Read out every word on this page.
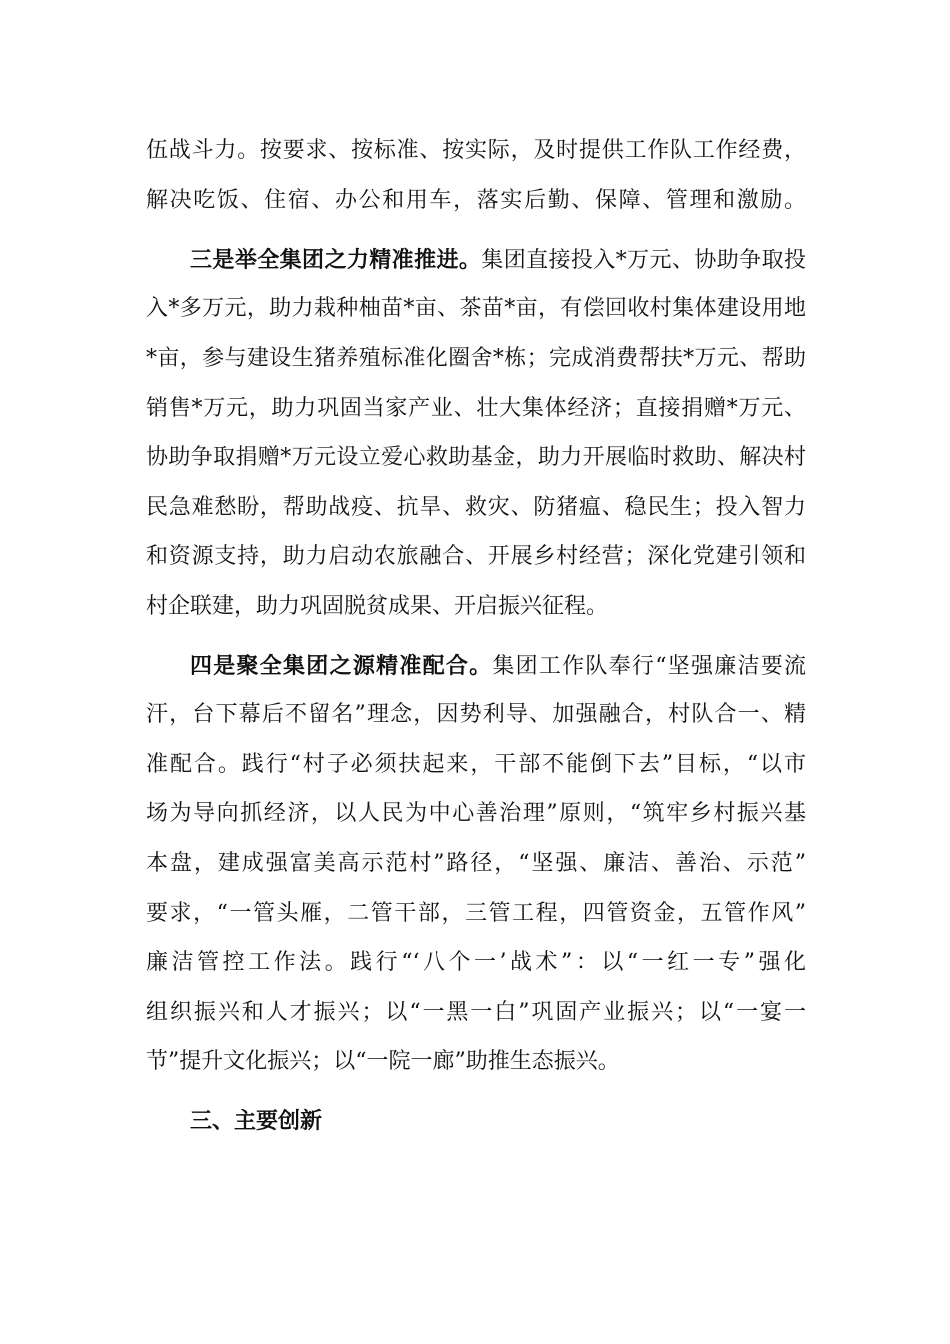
伍战斗力。按要求、按标准、按实际，及时提供工作队工作经费，
解决吃饭、住宿、办公和用车，落实后勤、保障、管理和激励。
三是举全集团之力精准推进。集团直接投入*万元、协助争取投
入*多万元，助力栽种柚苗*亩、茶苗*亩，有偿回收村集体建设用地
*亩，参与建设生猪养殖标准化圈舍*栋；完成消费帮扶*万元、帮助
销售*万元，助力巩固当家产业、壮大集体经济；直接捐赠*万元、
协助争取捐赠*万元设立爱心救助基金，助力开展临时救助、解决村
民急难愁盼，帮助战疫、抗旱、救灾、防猪瘟、稳民生；投入智力
和资源支持，助力启动农旅融合、开展乡村经营；深化党建引领和
村企联建，助力巩固脱贫成果、开启振兴征程。
四是聚全集团之源精准配合。集团工作队奉行“坚强廉洁要流
汗，台下幕后不留名”理念，因势利导、加强融合，村队合一、精
准配合。践行“村子必须扶起来，干部不能倒下去”目标，“以市
场为导向抓经济，以人民为中心善治理”原则，“筑牢乡村振兴基
本盘，建成强富美高示范村”路径，“坚强、廉洁、善治、示范”
要求，“一管头雁，二管干部，三管工程，四管资金，五管作风”
廉洁管控工作法。践行“‘八个一’战术”：以“一红一专”强化
组织振兴和人才振兴；以“一黑一白”巩固产业振兴；以“一宴一
节”提升文化振兴；以“一院一廊”助推生态振兴。
三、主要创新
